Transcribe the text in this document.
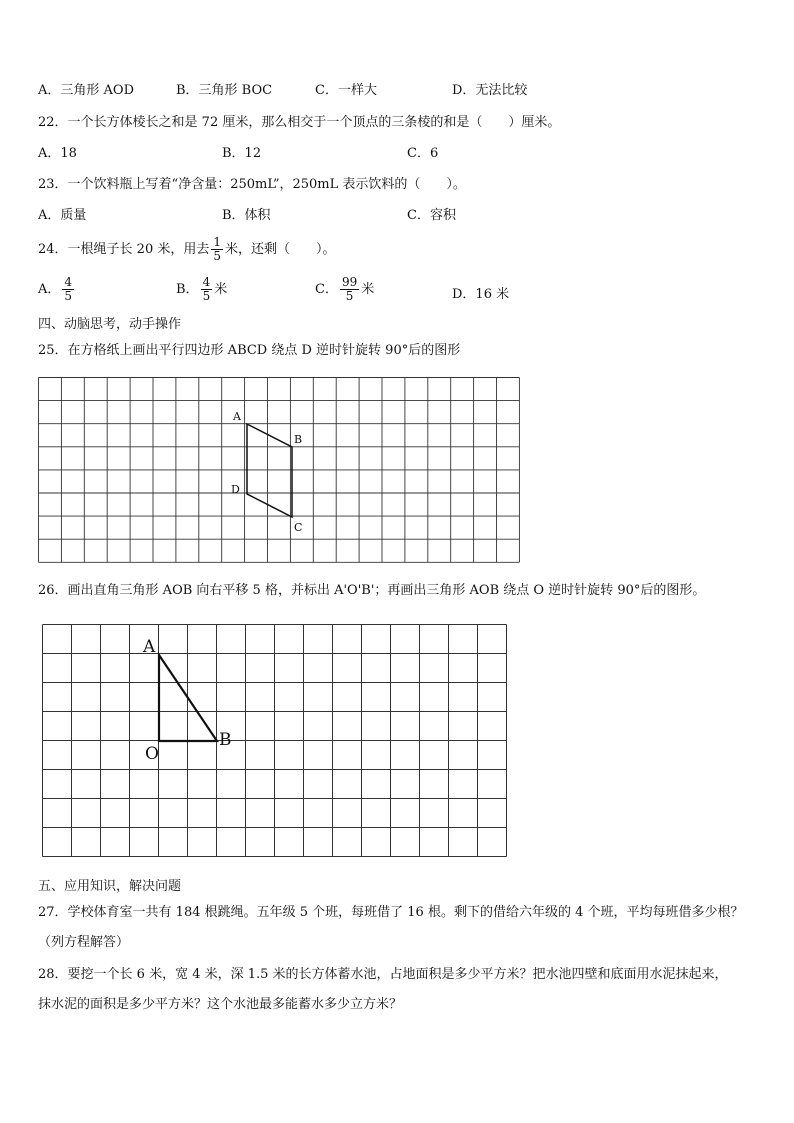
A．三角形 AOD	B．三角形 BOC	C．一样大	D．无法比较
22．一个长方体棱长之和是 72 厘米，那么相交于一个顶点的三条棱的和是（　　）厘米。
A．18	B．12	C．6
23．一个饮料瓶上写着“净含量：250mL”，250mL 表示饮料的（　　）。
A．质量	B．体积	C．容积
24．一根绳子长 20 米，用去 $\frac{1}{5}$ 米，还剩（　　）。
A． $\frac{4}{5}$	B． $\frac{4}{5}$ 米	C． $\frac{99}{5}$ 米	D．16 米
四、动脑思考，动手操作
25．在方格纸上画出平行四边形 ABCD 绕点 D 逆时针旋转 90°后的图形
A
B
C
D
26．画出直角三角形 AOB 向右平移 5 格，并标出 A'O'B'；再画出三角形 AOB 绕点 O 逆时针旋转 90°后的图形。
A
O
B
五、应用知识，解决问题
27．学校体育室一共有 184 根跳绳。五年级 5 个班，每班借了 16 根。剩下的借给六年级的 4 个班，平均每班借多少根？
（列方程解答）
28．要挖一个长 6 米，宽 4 米，深 1.5 米的长方体蓄水池，占地面积是多少平方米？把水池四壁和底面用水泥抹起来，
抹水泥的面积是多少平方米？这个水池最多能蓄水多少立方米？
